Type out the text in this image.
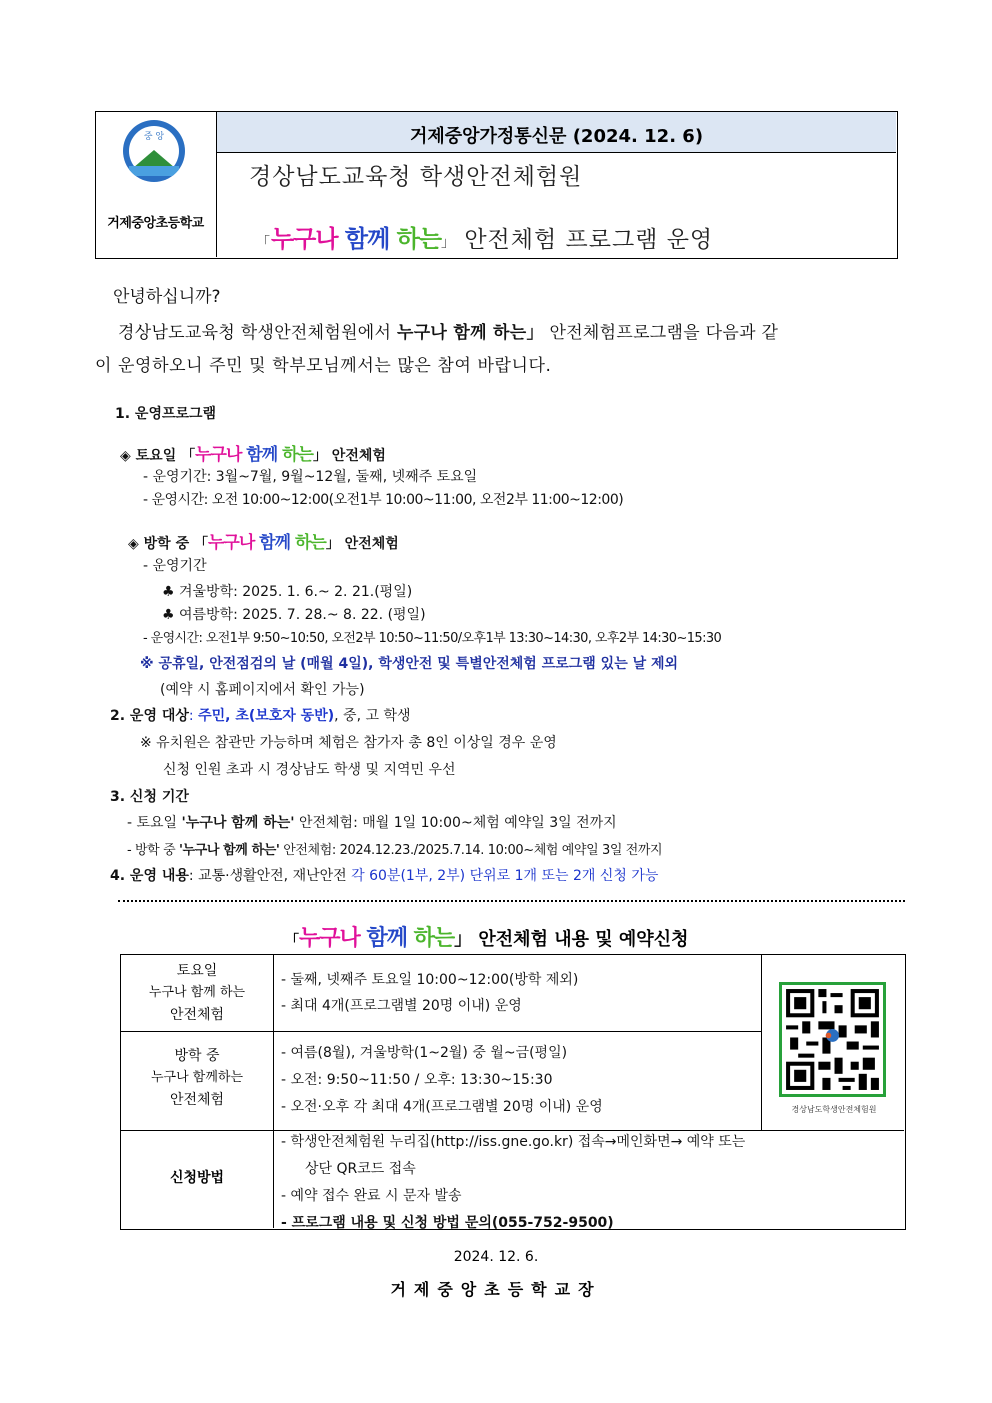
중 앙
거제중앙초등학교
거제중앙가정통신문 (2024. 12. 6)
경상남도교육청 학생안전체험원
「누구나 함께 하는」 안전체험 프로그램 운영
안녕하십니까?
경상남도교육청 학생안전체험원에서 누구나 함께 하는」 안전체험프로그램을 다음과 같
이 운영하오니 주민 및 학부모님께서는 많은 참여 바랍니다.
1. 운영프로그램
◈ 토요일 「누구나 함께 하는」 안전체험
- 운영기간: 3월~7월, 9월~12월, 둘째, 넷째주 토요일
- 운영시간: 오전 10:00~12:00(오전1부 10:00~11:00, 오전2부 11:00~12:00)
◈ 방학 중 「누구나 함께 하는」 안전체험
- 운영기간
♣ 겨울방학: 2025. 1. 6.~ 2. 21.(평일)
♣ 여름방학: 2025. 7. 28.~ 8. 22. (평일)
- 운영시간: 오전1부 9:50~10:50, 오전2부 10:50~11:50/오후1부 13:30~14:30, 오후2부 14:30~15:30
※ 공휴일, 안전점검의 날 (매월 4일), 학생안전 및 특별안전체험 프로그램 있는 날 제외
(예약 시 홈페이지에서 확인 가능)
2. 운영 대상: 주민, 초(보호자 동반), 중, 고 학생
※ 유치원은 참관만 가능하며 체험은 참가자 총 8인 이상일 경우 운영
신청 인원 초과 시 경상남도 학생 및 지역민 우선
3. 신청 기간
- 토요일 '누구나 함께 하는' 안전체험: 매월 1일 10:00~체험 예약일 3일 전까지
- 방학 중 '누구나 함께 하는' 안전체험: 2024.12.23./2025.7.14. 10:00~체험 예약일 3일 전까지
4. 운영 내용: 교통·생활안전, 재난안전 각 60분(1부, 2부) 단위로 1개 또는 2개 신청 가능
「누구나 함께 하는」 안전체험 내용 및 예약신청
토요일
누구나 함께 하는
안전체험
- 둘째, 넷째주 토요일 10:00~12:00(방학 제외)
- 최대 4개(프로그램별 20명 이내) 운영
방학 중
누구나 함께하는
안전체험
- 여름(8월), 겨울방학(1~2월) 중 월~금(평일)
- 오전: 9:50~11:50 / 오후: 13:30~15:30
- 오전·오후 각 최대 4개(프로그램별 20명 이내) 운영
신청방법
- 학생안전체험원 누리집(http://iss.gne.go.kr) 접속→메인화면→ 예약 또는
상단 QR코드 접속
- 예약 접수 완료 시 문자 발송
- 프로그램 내용 및 신청 방법 문의(055-752-9500)
경상남도학생안전체험원
2024. 12. 6.
거제중앙초등학교장
